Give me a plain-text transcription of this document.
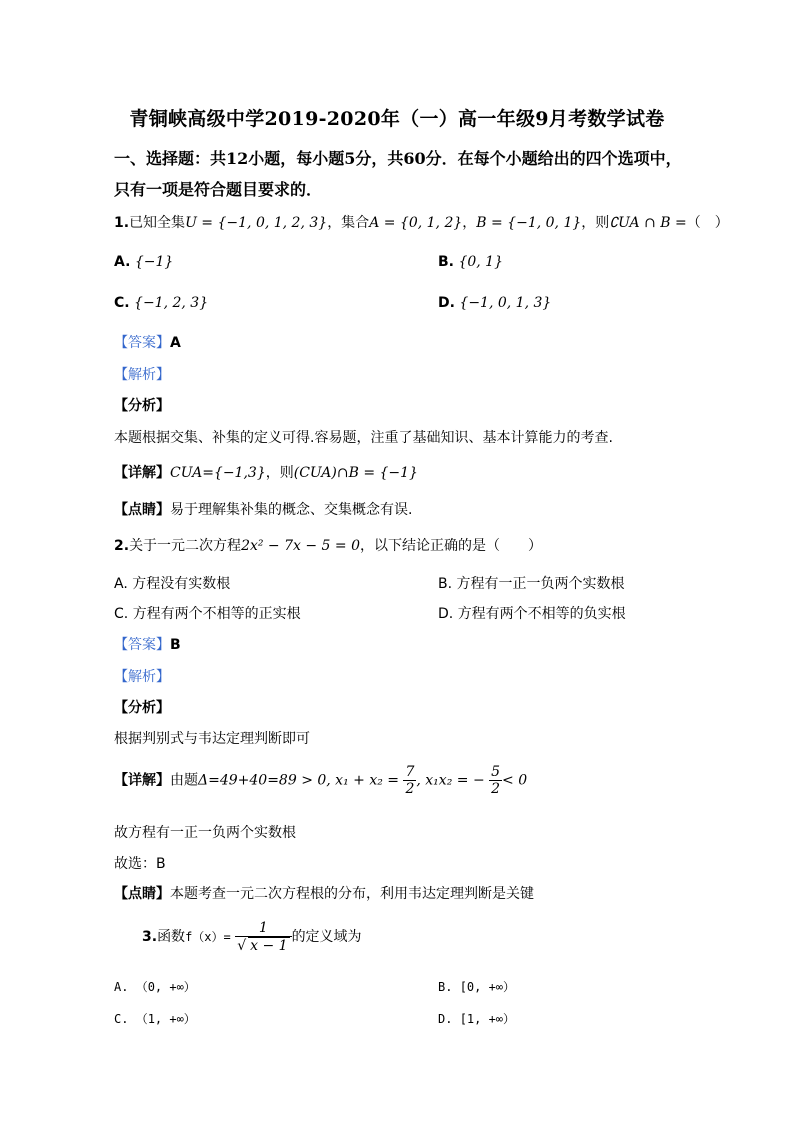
青铜峡高级中学2019-2020年（一）高一年级9月考数学试卷
一、选择题：共12小题，每小题5分，共60分．在每个小题给出的四个选项中，
只有一项是符合题目要求的．
1.已知全集U = {−1, 0, 1, 2, 3}，集合A = {0, 1, 2}，B = {−1, 0, 1}，则∁UA ∩ B =（　）
A. {−1}	B. {0, 1}
C. {−1, 2, 3}	D. {−1, 0, 1, 3}
【答案】A
【解析】
【分析】
本题根据交集、补集的定义可得.容易题，注重了基础知识、基本计算能力的考查.
【详解】CUA={−1,3}，则(CUA)∩B = {−1}
【点睛】易于理解集补集的概念、交集概念有误.
2.关于一元二次方程2x² − 7x − 5 = 0，以下结论正确的是（　　）
A. 方程没有实数根	B. 方程有一正一负两个实数根
C. 方程有两个不相等的正实根	D. 方程有两个不相等的负实根
【答案】B
【解析】
【分析】
根据判别式与韦达定理判断即可
【详解】由题Δ=49+40=89 > 0, $x_1 + x_2 = \frac{7}{2}$ , x₁x₂ = − $\frac{5}{2} < 0$
故方程有一正一负两个实数根
故选：B
【点睛】本题考查一元二次方程根的分布，利用韦达定理判断是关键
3.函数$f(x)= \frac{1}{√ x - 1}$ 的定义域为
A. （0, +∞）	B. [0, +∞）
C. （1, +∞）	D. [1, +∞）
